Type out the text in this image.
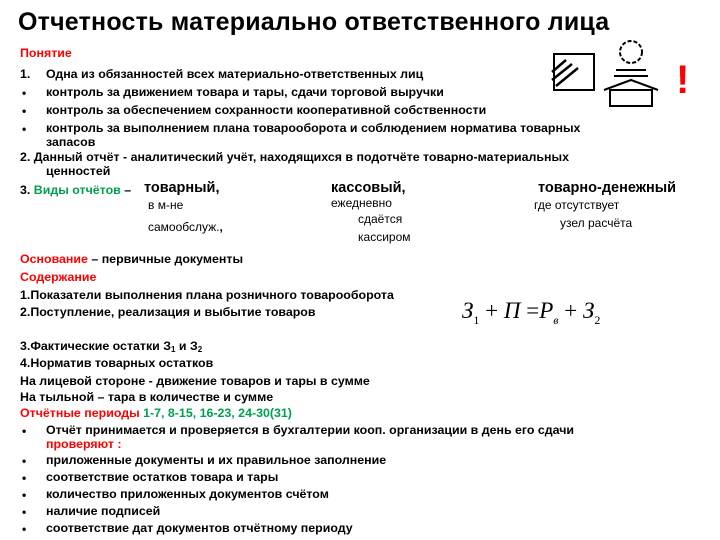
Отчетность материально ответственного лица
!
Понятие
1. Одна из обязанностей всех материально-ответственных лиц
• контроль за движением товара и тары, сдачи торговой выручки
• контроль за обеспечением сохранности кооперативной собственности
• контроль за выполнением плана товарооборота и соблюдением норматива товарных
запасов
2. Данный отчёт - аналитический учёт, находящихся в подотчёте товарно-материальных
ценностей
3. Виды отчётов – товарный,
в м-не
самообслуж.,
кассовый,
ежедневно
сдаётся
кассиром
товарно-денежный
где отсутствует
узел расчёта
Основание – первичные документы
Содержание
1.Показатели выполнения плана розничного товарооборота
2.Поступление, реализация и выбытие товаров
3.Фактические остатки $З_1$ и $З_2$
4.Норматив товарных остатков
На лицевой стороне - движение товаров и тары в сумме
На тыльной – тара в количестве и сумме
$З_1 + П =Р_в + З_2$
Отчётные периоды 1-7, 8-15, 16-23, 24-30(31)
• Отчёт принимается и проверяется в бухгалтерии кооп. организации в день его сдачи
проверяют :
• приложенные документы и их правильное заполнение
• соответствие остатков товара и тары
• количество приложенных документов счётом
• наличие подписей
• соответствие дат документов отчётному периоду
